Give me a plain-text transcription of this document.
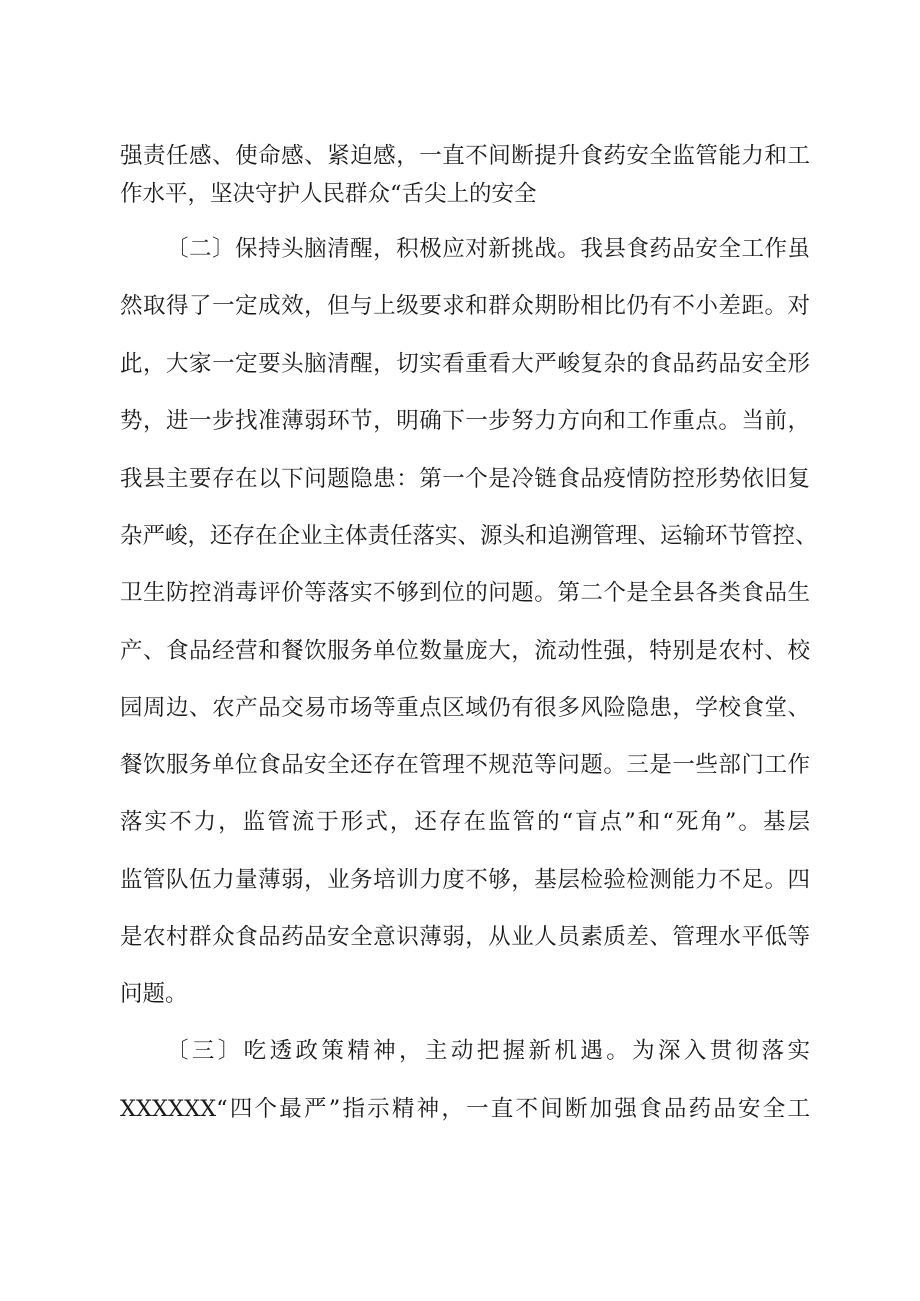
强责任感、使命感、紧迫感，一直不间断提升食药安全监管能力和工
作水平，坚决守护人民群众“舌尖上的安全
〔二〕保持头脑清醒，积极应对新挑战。我县食药品安全工作虽
然取得了一定成效，但与上级要求和群众期盼相比仍有不小差距。对
此，大家一定要头脑清醒，切实看重看大严峻复杂的食品药品安全形
势，进一步找准薄弱环节，明确下一步努力方向和工作重点。当前，
我县主要存在以下问题隐患：第一个是冷链食品疫情防控形势依旧复
杂严峻，还存在企业主体责任落实、源头和追溯管理、运输环节管控、
卫生防控消毒评价等落实不够到位的问题。第二个是全县各类食品生
产、食品经营和餐饮服务单位数量庞大，流动性强，特别是农村、校
园周边、农产品交易市场等重点区域仍有很多风险隐患，学校食堂、
餐饮服务单位食品安全还存在管理不规范等问题。三是一些部门工作
落实不力，监管流于形式，还存在监管的“盲点”和“死角”。基层
监管队伍力量薄弱，业务培训力度不够，基层检验检测能力不足。四
是农村群众食品药品安全意识薄弱，从业人员素质差、管理水平低等
问题。
〔三〕吃透政策精神，主动把握新机遇。为深入贯彻落实
XXXXXX“四个最严”指示精神，一直不间断加强食品药品安全工
